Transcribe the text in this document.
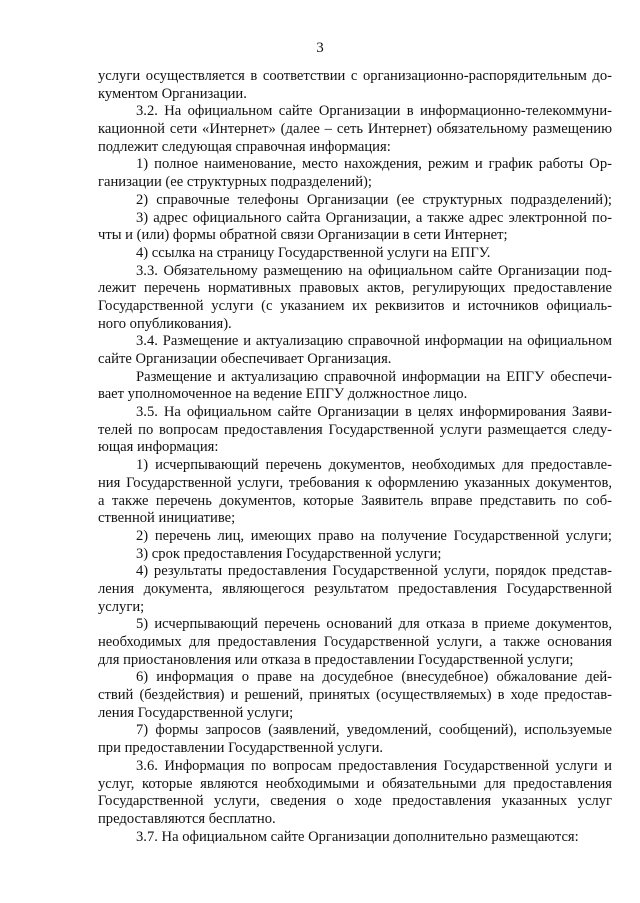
3
услуги осуществляется в соответствии с организационно-распорядительным до-
кументом Организации.
3.2. На официальном сайте Организации в информационно-телекоммуни-
кационной сети «Интернет» (далее – сеть Интернет) обязательному размещению
подлежит следующая справочная информация:
1) полное наименование, место нахождения, режим и график работы Ор-
ганизации (ее структурных подразделений);
2) справочные телефоны Организации (ее структурных подразделений);
3) адрес официального сайта Организации, а также адрес электронной по-
чты и (или) формы обратной связи Организации в сети Интернет;
4) ссылка на страницу Государственной услуги на ЕПГУ.
3.3. Обязательному размещению на официальном сайте Организации под-
лежит перечень нормативных правовых актов, регулирующих предоставление
Государственной услуги (с указанием их реквизитов и источников официаль-
ного опубликования).
3.4. Размещение и актуализацию справочной информации на официальном
сайте Организации обеспечивает Организация.
Размещение и актуализацию справочной информации на ЕПГУ обеспечи-
вает уполномоченное на ведение ЕПГУ должностное лицо.
3.5. На официальном сайте Организации в целях информирования Заяви-
телей по вопросам предоставления Государственной услуги размещается следу-
ющая информация:
1) исчерпывающий перечень документов, необходимых для предоставле-
ния Государственной услуги, требования к оформлению указанных документов,
а также перечень документов, которые Заявитель вправе представить по соб-
ственной инициативе;
2) перечень лиц, имеющих право на получение Государственной услуги;
3) срок предоставления Государственной услуги;
4) результаты предоставления Государственной услуги, порядок представ-
ления документа, являющегося результатом предоставления Государственной
услуги;
5) исчерпывающий перечень оснований для отказа в приеме документов,
необходимых для предоставления Государственной услуги, а также основания
для приостановления или отказа в предоставлении Государственной услуги;
6) информация о праве на досудебное (внесудебное) обжалование дей-
ствий (бездействия) и решений, принятых (осуществляемых) в ходе предостав-
ления Государственной услуги;
7) формы запросов (заявлений, уведомлений, сообщений), используемые
при предоставлении Государственной услуги.
3.6. Информация по вопросам предоставления Государственной услуги и
услуг, которые являются необходимыми и обязательными для предоставления
Государственной услуги, сведения о ходе предоставления указанных услуг
предоставляются бесплатно.
3.7. На официальном сайте Организации дополнительно размещаются:
